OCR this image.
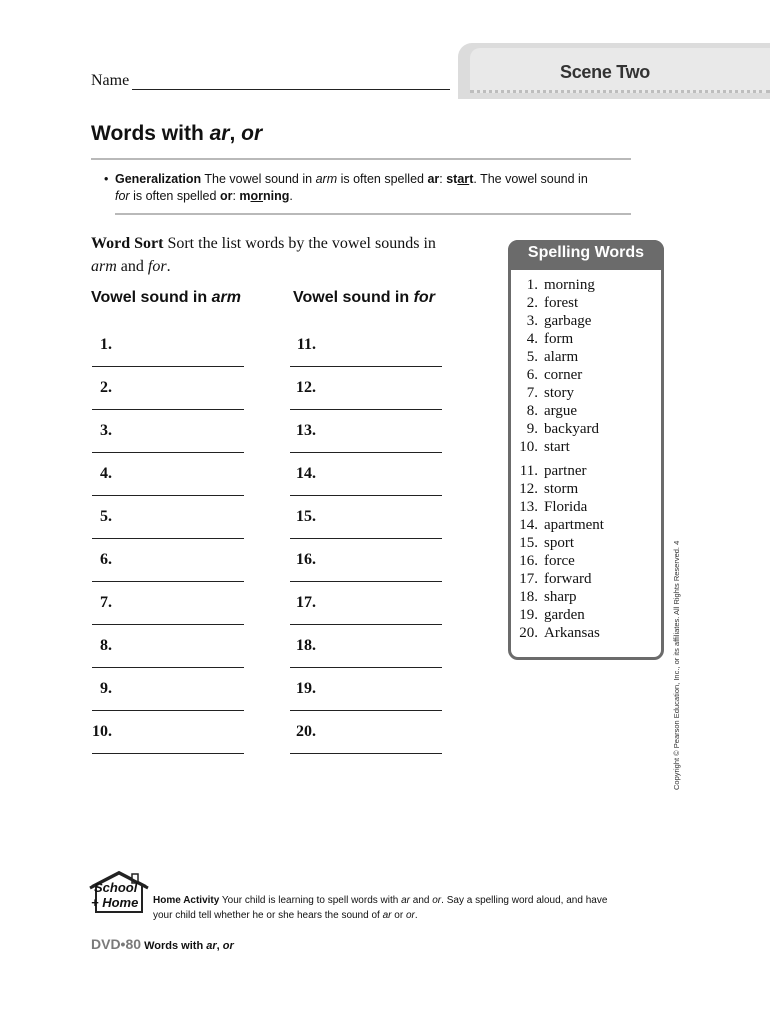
Scene Two
Name
Words with ar, or
• Generalization The vowel sound in arm is often spelled ar: start. The vowel sound in
for is often spelled or: morning.
Word Sort Sort the list words by the vowel sounds in
arm and for.
Vowel sound in arm	Vowel sound in for
1.
2.
3.
4.
5.
6.
7.
8.
9.
10.
11.
12.
13.
14.
15.
16.
17.
18.
19.
20.
Spelling Words
1. morning
2. forest
3. garbage
4. form
5. alarm
6. corner
7. story
8. argue
9. backyard
10. start
11. partner
12. storm
13. Florida
14. apartment
15. sport
16. force
17. forward
18. sharp
19. garden
20. Arkansas	Copyright © Pearson Education, Inc., or its affiliates. All Rights Reserved. 4
School
+ Home Home Activity Your child is learning to spell words with ar and or. Say a spelling word aloud, and have
your child tell whether he or she hears the sound of ar or or.
DVD•80 Words with ar, or
